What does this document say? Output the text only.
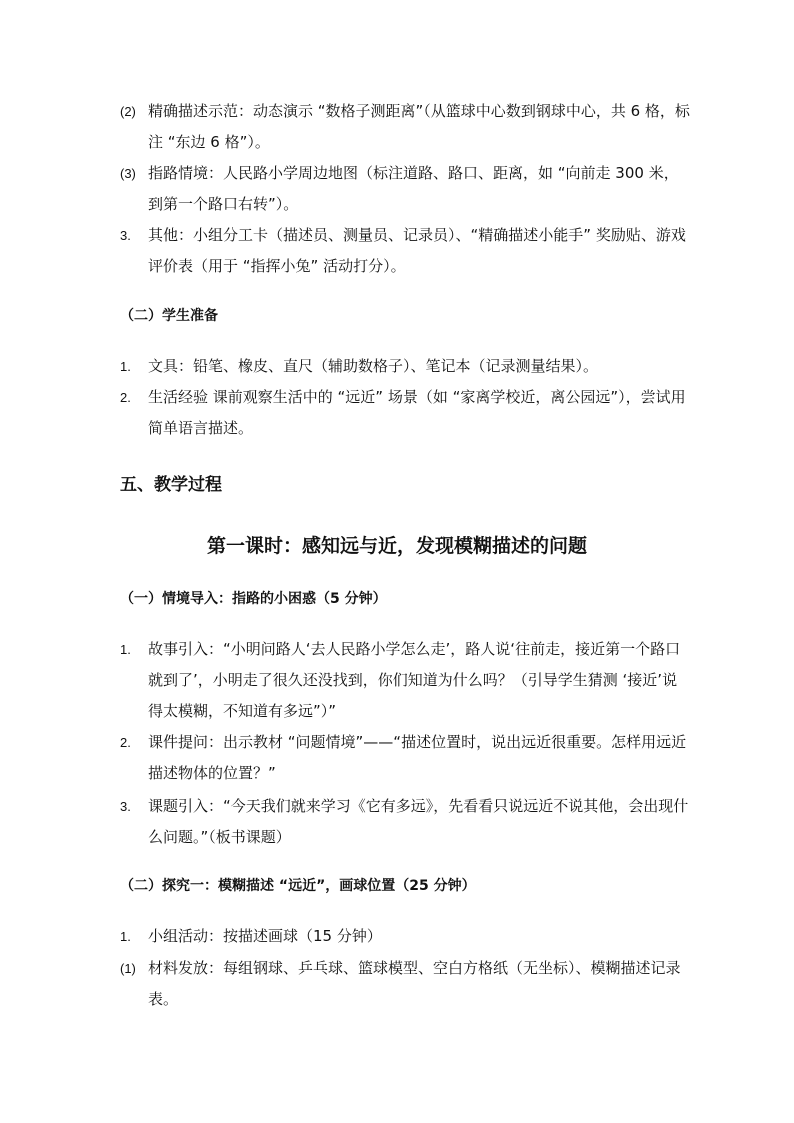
(2) 精确描述示范：动态演示 “数格子测距离”（从篮球中心数到钢球中心，共 6 格，标注 “东边 6 格”）。
(3) 指路情境：人民路小学周边地图（标注道路、路口、距离，如 “向前走 300 米，到第一个路口右转”）。
3.	其他：小组分工卡（描述员、测量员、记录员）、“精确描述小能手” 奖励贴、游戏评价表（用于 “指挥小兔” 活动打分）。
（二）学生准备
1.	文具：铅笔、橡皮、直尺（辅助数格子）、笔记本（记录测量结果）。
2.	生活经验 课前观察生活中的 “远近” 场景（如 “家离学校近，离公园远”），尝试用简单语言描述。
五、教学过程
第一课时：感知远与近，发现模糊描述的问题
（一）情境导入：指路的小困惑（5 分钟）
1.	故事引入：“小明问路人‘去人民路小学怎么走’，路人说‘往前走，接近第一个路口就到了’，小明走了很久还没找到，你们知道为什么吗？（引导学生猜测 ‘接近’说得太模糊，不知道有多远”）”
2.	课件提问：出示教材 “问题情境”——“描述位置时，说出远近很重要。怎样用远近描述物体的位置？”
3.	课题引入：“今天我们就来学习《它有多远》，先看看只说远近不说其他，会出现什么问题。”（板书课题）
（二）探究一：模糊描述 “远近”，画球位置（25 分钟）
1.	小组活动：按描述画球（15 分钟）
(1) 材料发放：每组钢球、乒乓球、篮球模型、空白方格纸（无坐标）、模糊描述记录表。
